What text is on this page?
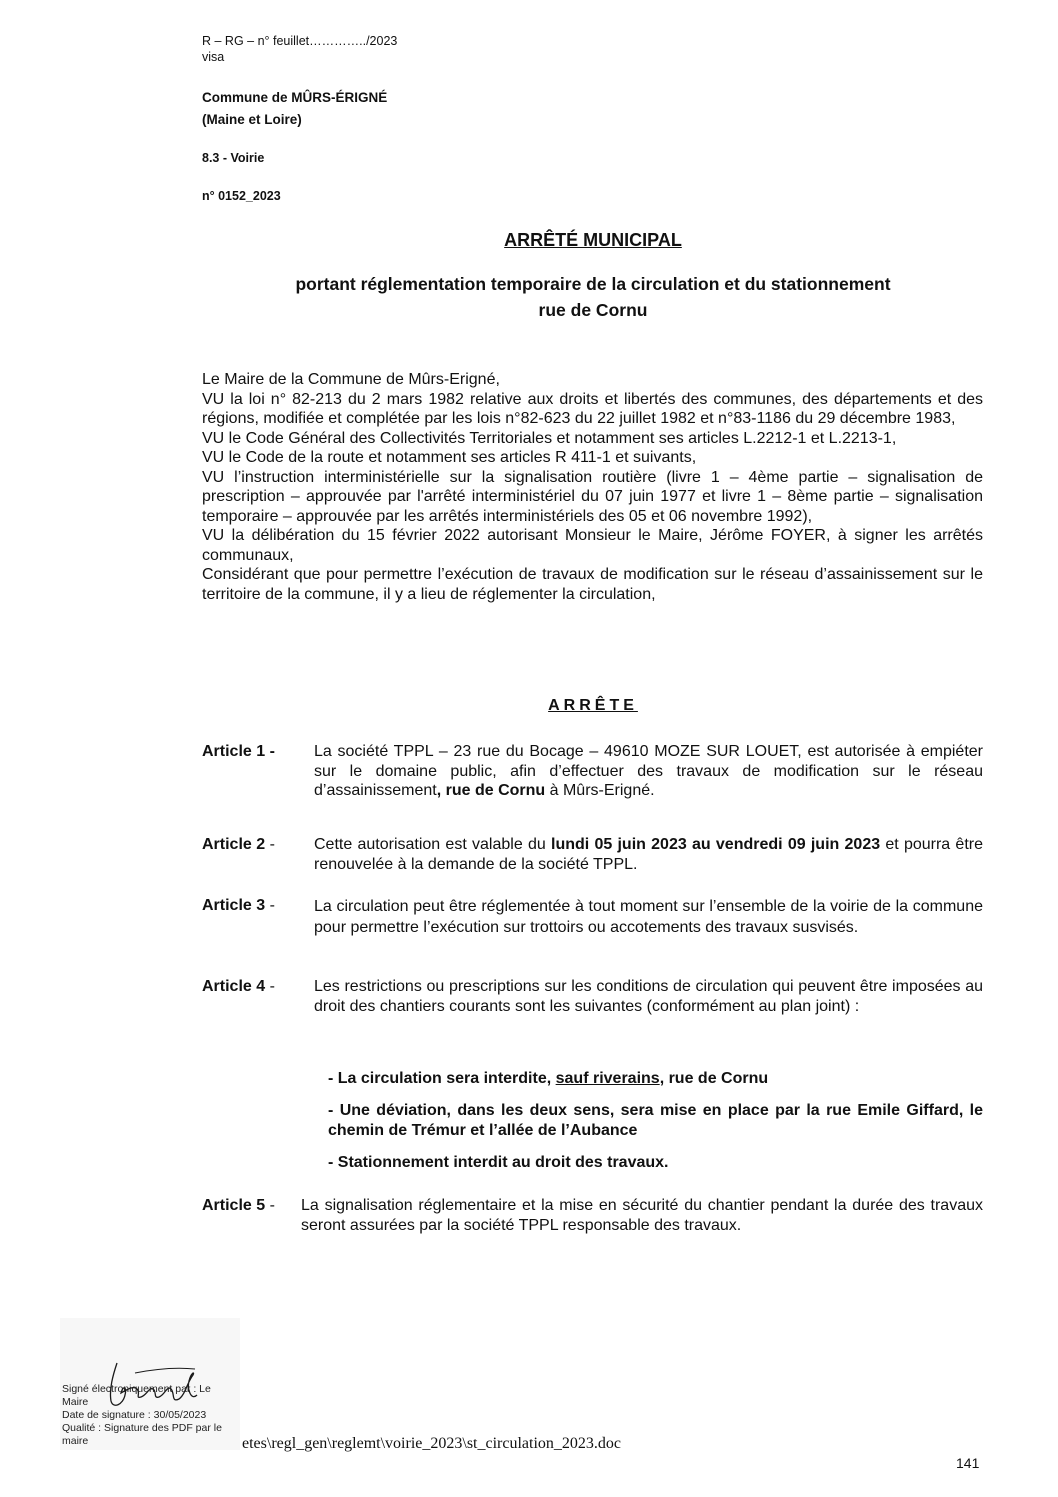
R – RG – n° feuillet…………../2023
visa
Commune de MÛRS-ÉRIGNÉ
(Maine et Loire)
8.3 - Voirie
n° 0152_2023
ARRÊTÉ MUNICIPAL
portant réglementation temporaire de la circulation et du stationnement
rue de Cornu

Le Maire de la Commune de Mûrs-Erigné,

VU la loi n° 82-213 du 2 mars 1982 relative aux droits et libertés des communes, des départements et des régions, modifiée et complétée par les lois n°82-623 du 22 juillet 1982 et n°83-1186 du 29 décembre 1983,

VU le Code Général des Collectivités Territoriales et notamment ses articles L.2212-1 et L.2213-1,

VU le Code de la route et notamment ses articles R 411-1 et suivants,

VU l’instruction interministérielle sur la signalisation routière (livre 1 – 4ème partie – signalisation de prescription – approuvée par l'arrêté interministériel du 07 juin 1977 et livre 1 – 8ème partie – signalisation temporaire – approuvée par les arrêtés interministériels des 05 et 06 novembre 1992),

VU la délibération du 15 février 2022 autorisant Monsieur le Maire, Jérôme FOYER, à signer les arrêtés communaux,

Considérant que pour permettre l’exécution de travaux de modification sur le réseau d’assainissement sur le territoire de la commune, il y a lieu de réglementer la circulation,

ARRÊTE
Article 1 - La société TPPL – 23 rue du Bocage – 49610 MOZE SUR LOUET, est autorisée à empiéter sur le domaine public, afin d’effectuer des travaux de modification sur le réseau d’assainissement, rue de Cornu à Mûrs-Erigné.
Article 2 - Cette autorisation est valable du lundi 05 juin 2023 au vendredi 09 juin 2023 et pourra être renouvelée à la demande de la société TPPL.
Article 3 - La circulation peut être réglementée à tout moment sur l’ensemble de la voirie de la commune pour permettre l’exécution sur trottoirs ou accotements des travaux susvisés.
Article 4 - Les restrictions ou prescriptions sur les conditions de circulation qui peuvent être imposées au droit des chantiers courants sont les suivantes (conformément au plan joint) :
- La circulation sera interdite, sauf riverains, rue de Cornu
- Une déviation, dans les deux sens, sera mise en place par la rue Emile Giffard, le chemin de Trémur et l’allée de l’Aubance
- Stationnement interdit au droit des travaux.
Article 5 - La signalisation réglementaire et la mise en sécurité du chantier pendant la durée des travaux seront assurées par la société TPPL responsable des travaux.
Signé électroniquement par : Le
Maire
Date de signature : 30/05/2023
Qualité : Signature des PDF par le
maire	etes\regl_gen\reglemt\voirie_2023\st_circulation_2023.doc
141
